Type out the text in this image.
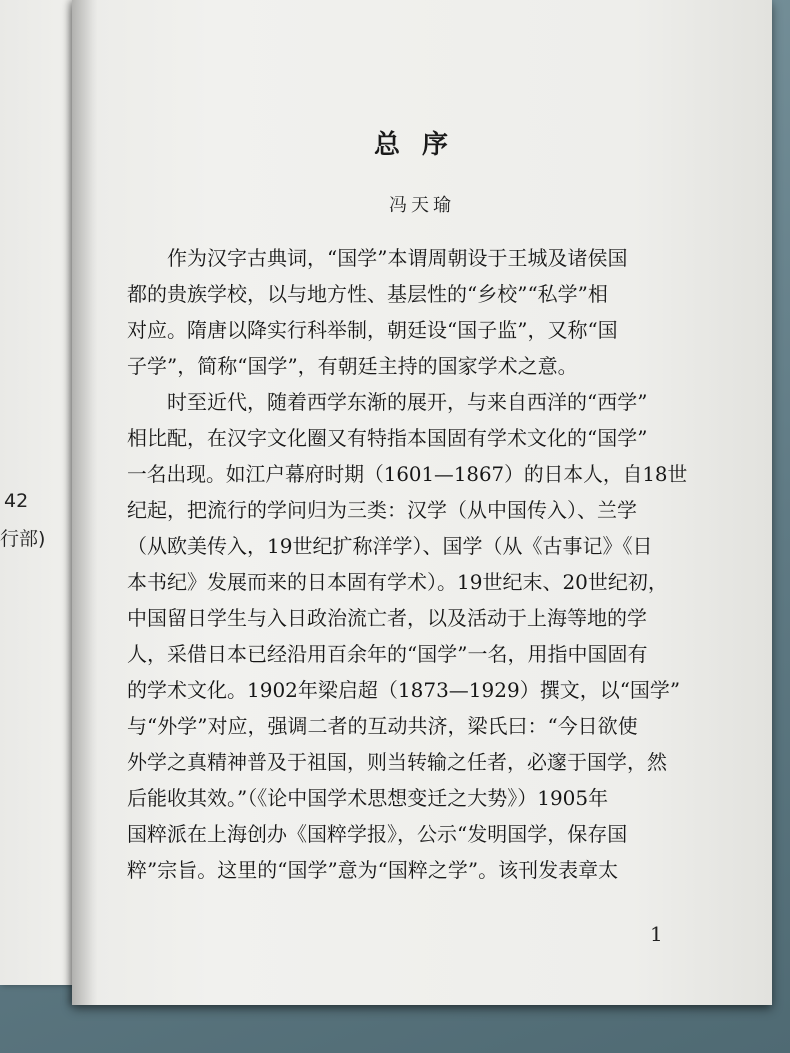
42
行部)
总序
冯天瑜
　　作为汉字古典词，“国学”本谓周朝设于王城及诸侯国
都的贵族学校，以与地方性、基层性的“乡校”“私学”相
对应。隋唐以降实行科举制，朝廷设“国子监”，又称“国
子学”，简称“国学”，有朝廷主持的国家学术之意。
　　时至近代，随着西学东渐的展开，与来自西洋的“西学”
相比配，在汉字文化圈又有特指本国固有学术文化的“国学”
一名出现。如江户幕府时期（1601—1867）的日本人，自18世
纪起，把流行的学问归为三类：汉学（从中国传入）、兰学
（从欧美传入，19世纪扩称洋学）、国学（从《古事记》《日
本书纪》发展而来的日本固有学术）。19世纪末、20世纪初，
中国留日学生与入日政治流亡者，以及活动于上海等地的学
人，采借日本已经沿用百余年的“国学”一名，用指中国固有
的学术文化。1902年梁启超（1873—1929）撰文，以“国学”
与“外学”对应，强调二者的互动共济，梁氏曰：“今日欲使
外学之真精神普及于祖国，则当转输之任者，必邃于国学，然
后能收其效。”（《论中国学术思想变迁之大势》）1905年
国粹派在上海创办《国粹学报》，公示“发明国学，保存国
粹”宗旨。这里的“国学”意为“国粹之学”。该刊发表章太
1
